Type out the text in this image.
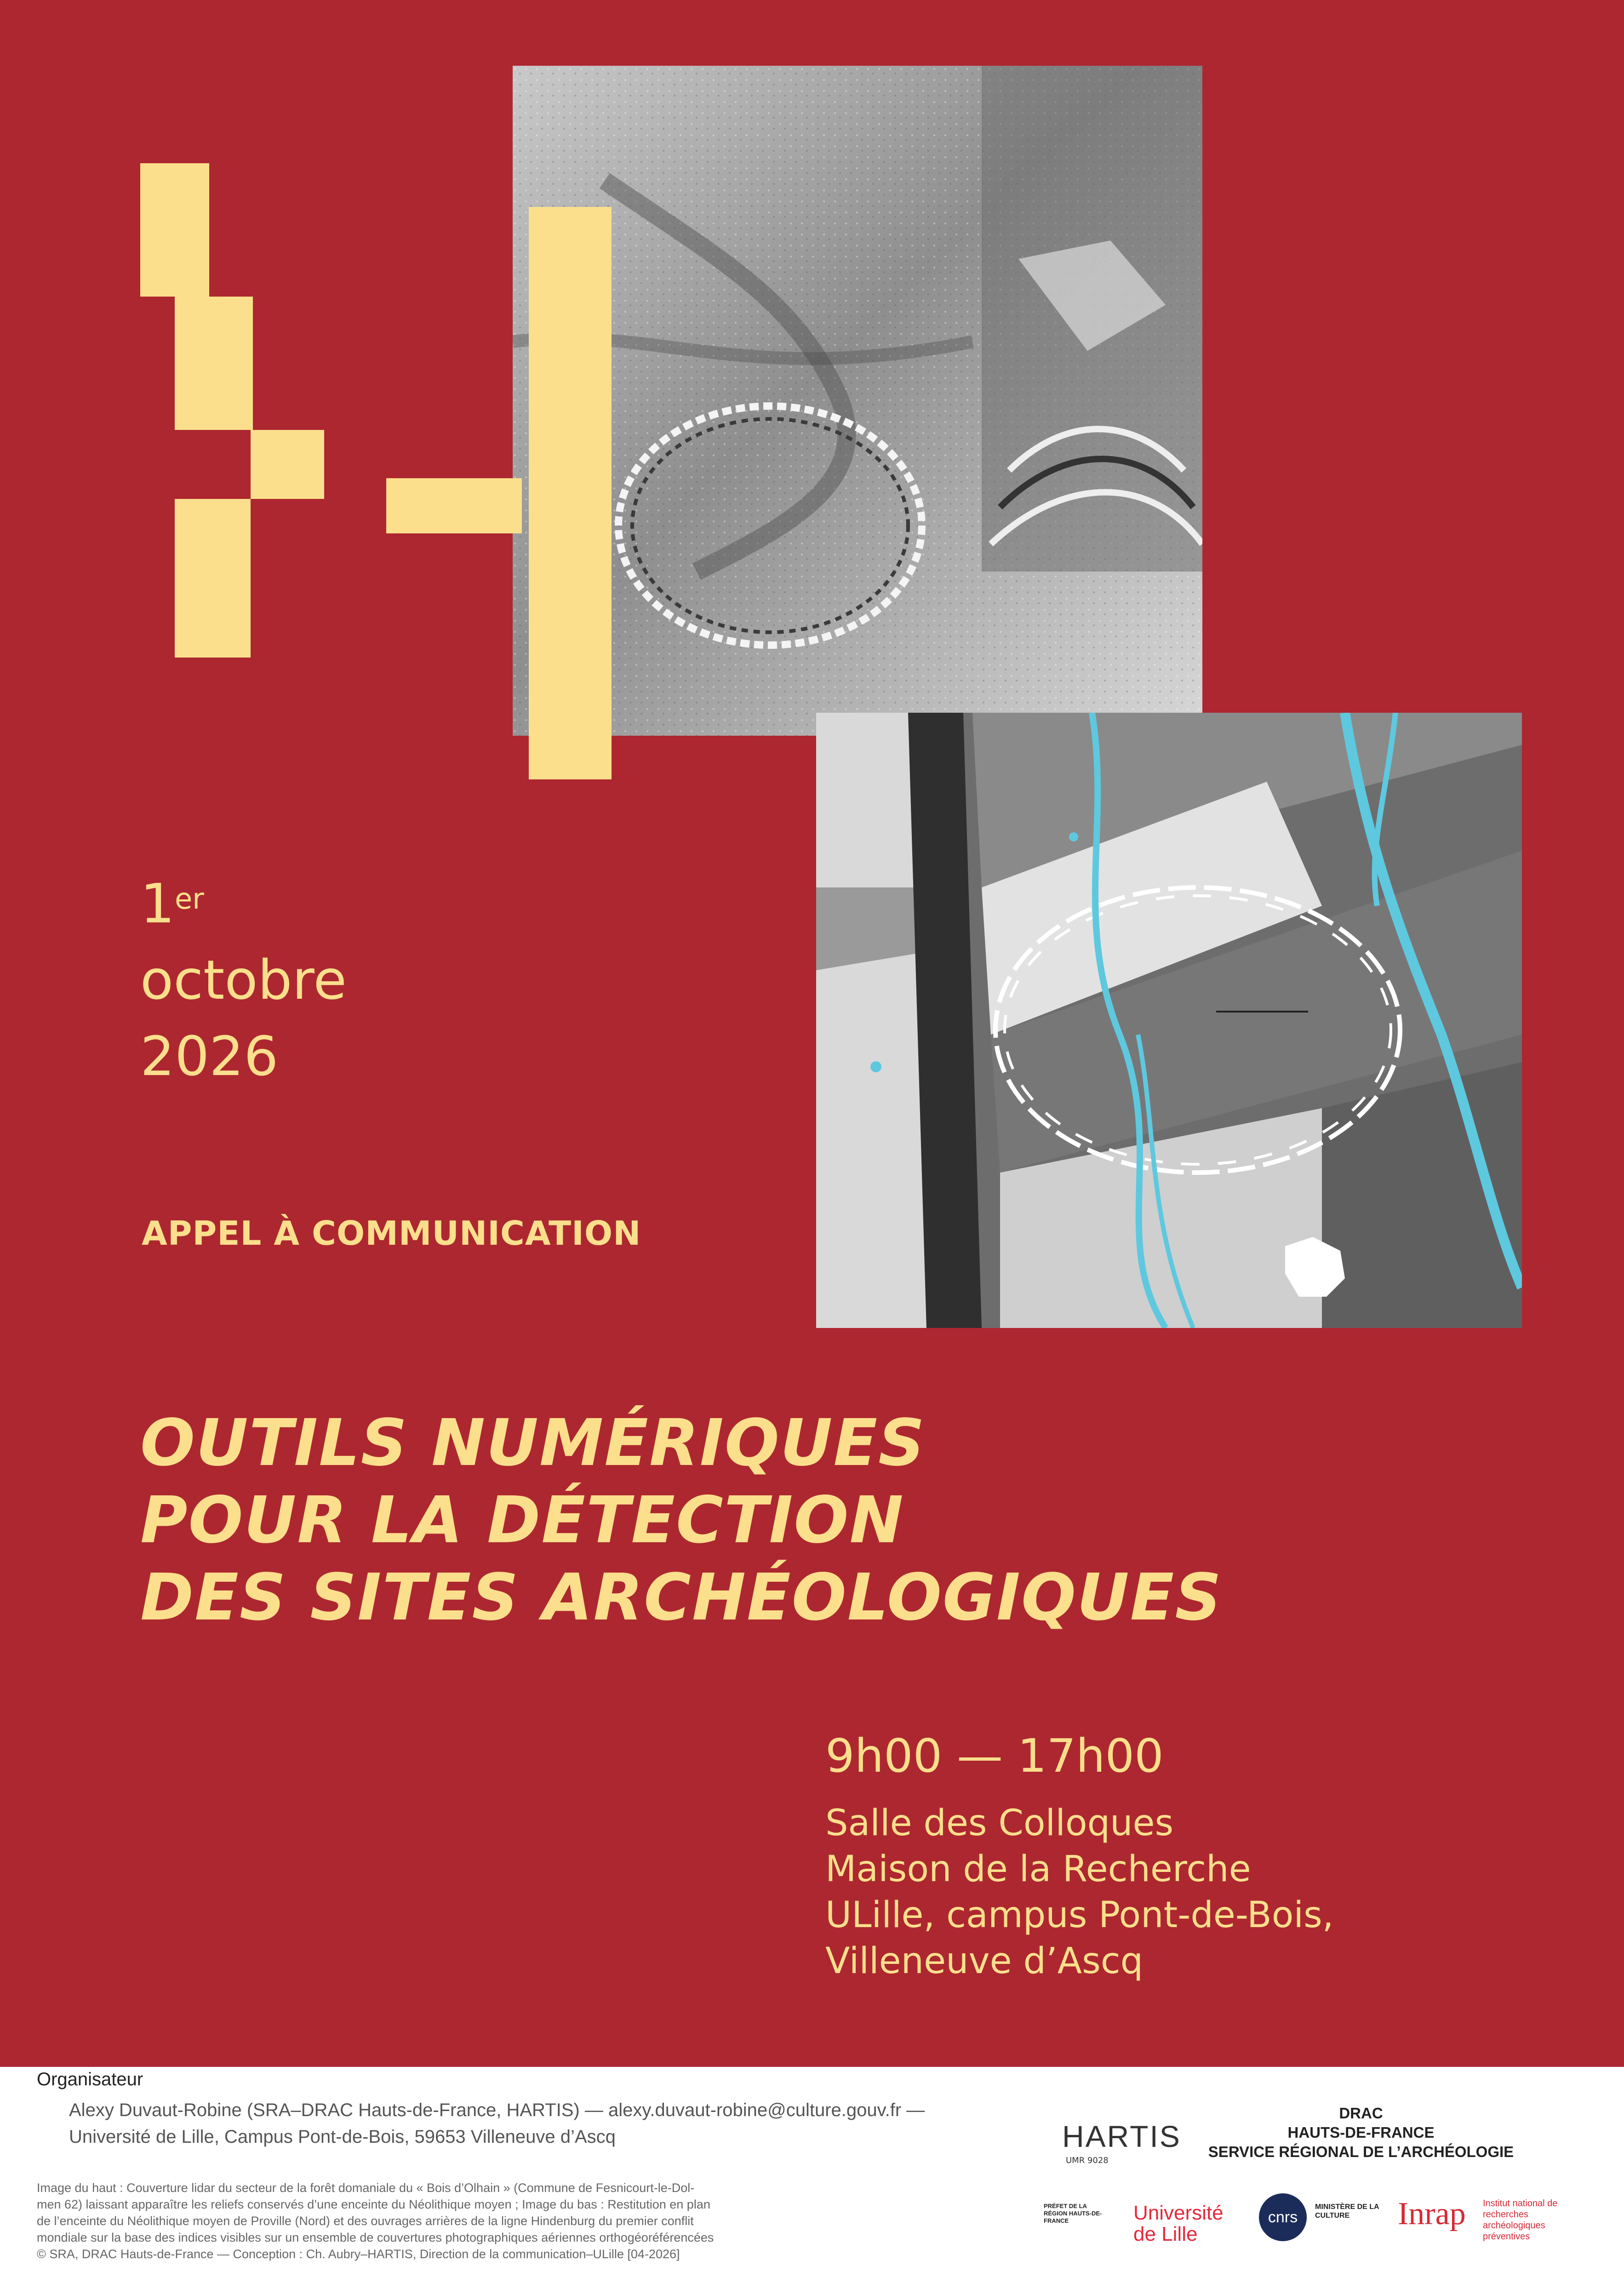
1er
octobre
2026
APPEL À COMMUNICATION
OUTILS NUMÉRIQUES
POUR LA DÉTECTION
DES SITES ARCHÉOLOGIQUES
9h00 — 17h00
Salle des Colloques
Maison de la Recherche
ULille, campus Pont-de-Bois,
Villeneuve d’Ascq
Organisateur
Alexy Duvaut-Robine (SRA–DRAC Hauts-de-France, HARTIS) — alexy.duvaut-robine@culture.gouv.fr —
Université de Lille, Campus Pont-de-Bois, 59653 Villeneuve d’Ascq
Image du haut : Couverture lidar du secteur de la forêt domaniale du « Bois d’Olhain » (Commune de Fesnicourt-le-Dol-
men 62) laissant apparaître les reliefs conservés d’une enceinte du Néolithique moyen ; Image du bas : Restitution en plan
de l’enceinte du Néolithique moyen de Proville (Nord) et des ouvrages arrières de la ligne Hindenburg du premier conflit
mondiale sur la base des indices visibles sur un ensemble de couvertures photographiques aériennes orthogéoréférencées
© SRA, DRAC Hauts-de-France — Conception : Ch. Aubry–HARTIS, Direction de la communication–ULille [04-2026]
HARTIS
UMR 9028
DRAC
HAUTS-DE-FRANCE
SERVICE RÉGIONAL DE L’ARCHÉOLOGIE
PRÉFET DE LA RÉGION HAUTS-DE-FRANCE	Université de Lille
cnrs
MINISTÈRE DE LA CULTURE	Inrap Institut national de recherches archéologiques préventives
